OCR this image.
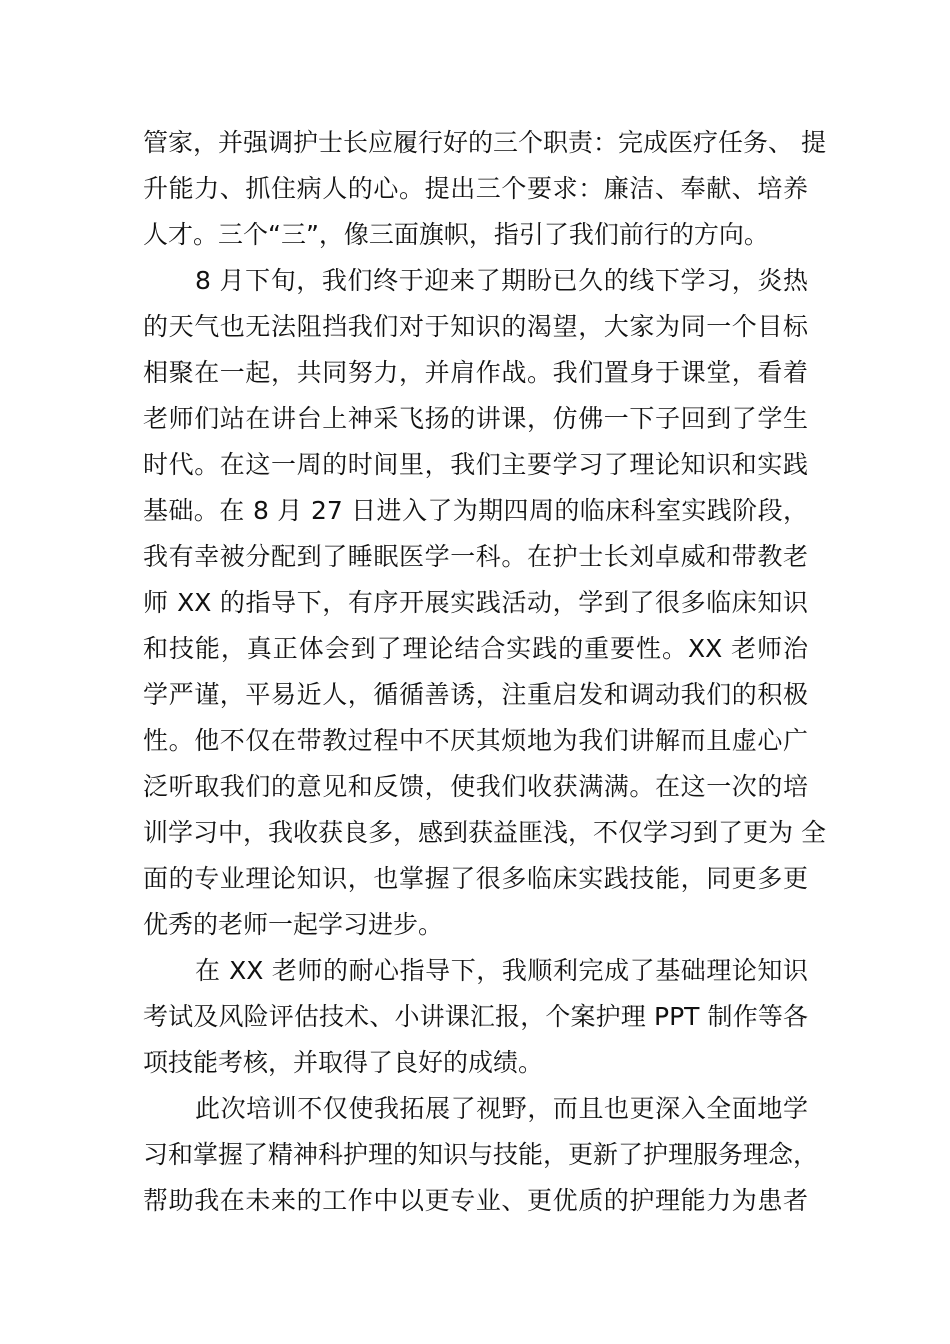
管家，并强调护士长应履行好的三个职责：完成医疗任务、 提
升能力、抓住病人的心。提出三个要求：廉洁、奉献、培养
人才。三个“三”，像三面旗帜，指引了我们前行的方向。
8 月下旬，我们终于迎来了期盼已久的线下学习，炎热
的天气也无法阻挡我们对于知识的渴望，大家为同一个目标
相聚在一起，共同努力，并肩作战。我们置身于课堂，看着
老师们站在讲台上神采飞扬的讲课，仿佛一下子回到了学生
时代。在这一周的时间里，我们主要学习了理论知识和实践
基础。在 8 月 27 日进入了为期四周的临床科室实践阶段，
我有幸被分配到了睡眠医学一科。在护士长刘卓威和带教老
师 XX 的指导下，有序开展实践活动，学到了很多临床知识
和技能，真正体会到了理论结合实践的重要性。XX 老师治
学严谨，平易近人，循循善诱，注重启发和调动我们的积极
性。他不仅在带教过程中不厌其烦地为我们讲解而且虚心广
泛听取我们的意见和反馈，使我们收获满满。在这一次的培
训学习中，我收获良多，感到获益匪浅，不仅学习到了更为 全
面的专业理论知识，也掌握了很多临床实践技能，同更多更
优秀的老师一起学习进步。
在 XX 老师的耐心指导下，我顺利完成了基础理论知识
考试及风险评估技术、小讲课汇报，个案护理 PPT 制作等各
项技能考核，并取得了良好的成绩。
此次培训不仅使我拓展了视野，而且也更深入全面地学
习和掌握了精神科护理的知识与技能，更新了护理服务理念，
帮助我在未来的工作中以更专业、更优质的护理能力为患者
